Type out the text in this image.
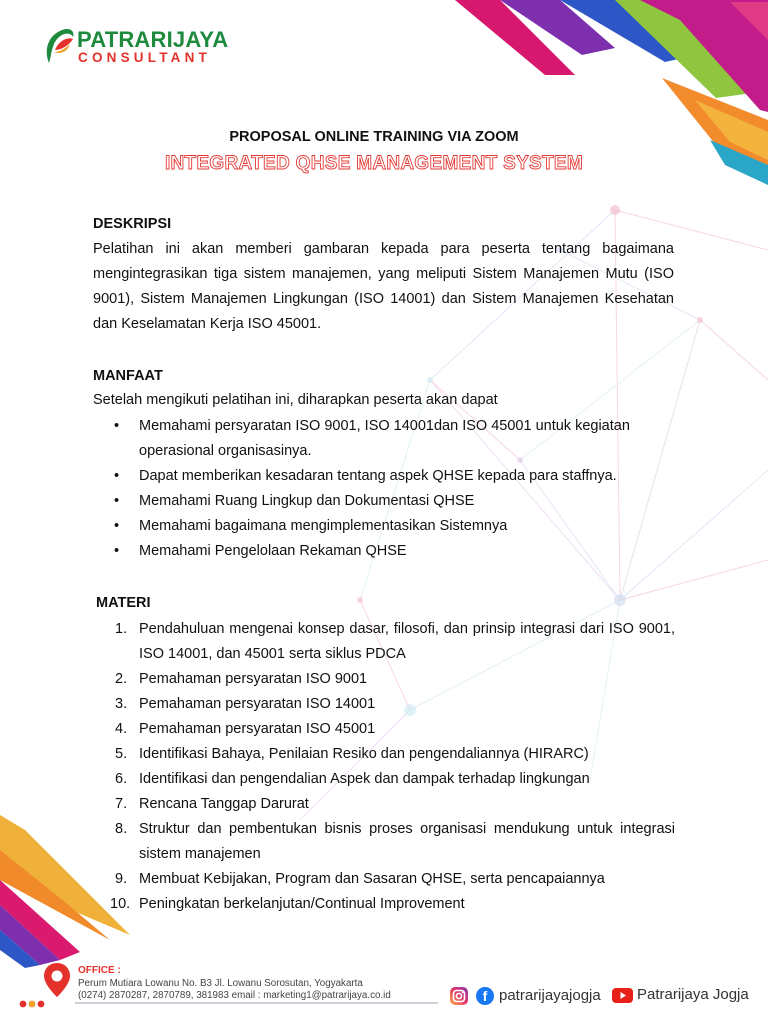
PATRARIJAYA
CONSULTANT
PROPOSAL ONLINE TRAINING VIA ZOOM
INTEGRATED QHSE MANAGEMENT SYSTEM
DESKRIPSI
Pelatihan ini akan memberi gambaran kepada para peserta tentang bagaimana mengintegrasikan tiga sistem manajemen, yang meliputi Sistem Manajemen Mutu (ISO 9001), Sistem Manajemen Lingkungan (ISO 14001) dan Sistem Manajemen Kesehatan dan Keselamatan Kerja ISO 45001.
MANFAAT
Setelah mengikuti pelatihan ini, diharapkan peserta akan dapat
• Memahami persyaratan ISO 9001, ISO 14001dan ISO 45001 untuk kegiatan operasional organisasinya.
• Dapat memberikan kesadaran tentang aspek QHSE kepada para staffnya.
• Memahami Ruang Lingkup dan Dokumentasi QHSE
• Memahami bagaimana mengimplementasikan Sistemnya
• Memahami Pengelolaan Rekaman QHSE
MATERI
1. Pendahuluan mengenai konsep dasar, filosofi, dan prinsip integrasi dari ISO 9001, ISO 14001, dan 45001 serta siklus PDCA
2. Pemahaman persyaratan ISO 9001
3. Pemahaman persyaratan ISO 14001
4. Pemahaman persyaratan ISO 45001
5. Identifikasi Bahaya, Penilaian Resiko dan pengendaliannya (HIRARC)
6. Identifikasi dan pengendalian Aspek dan dampak terhadap lingkungan
7. Rencana Tanggap Darurat
8. Struktur dan pembentukan bisnis proses organisasi mendukung untuk integrasi sistem manajemen
9. Membuat Kebijakan, Program dan Sasaran QHSE, serta pencapaiannya
10. Peningkatan berkelanjutan/Continual Improvement
OFFICE :
Perum Mutiara Lowanu No. B3 Jl. Lowanu Sorosutan, Yogyakarta
(0274) 2870287, 2870789, 381983 email : marketing1@patrarijaya.co.id	f patrarijayajogja Patrarijaya Jogja
